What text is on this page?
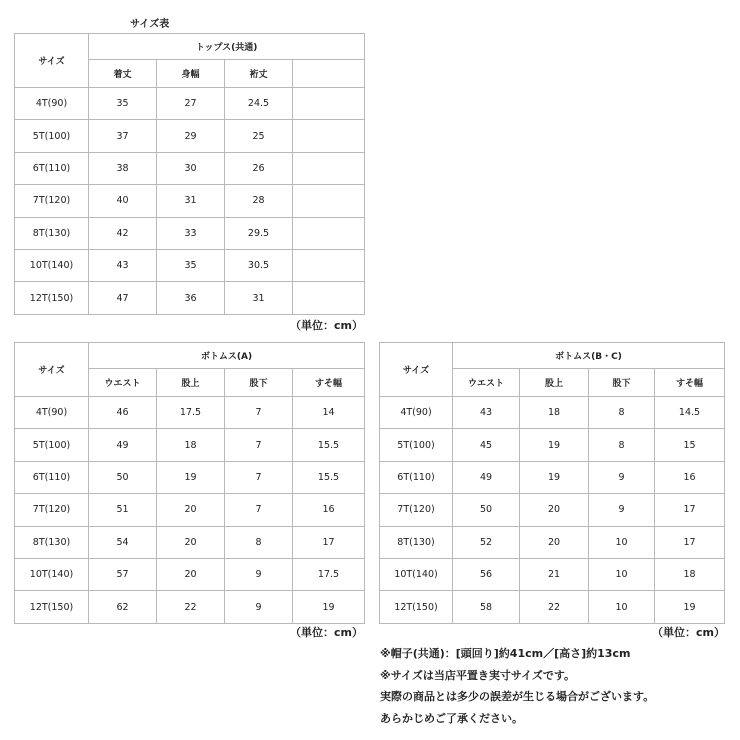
サイズ表
サイズ	トップス(共通)			
	着丈	身幅	裄丈	
4T(90)	35	27	24.5	
5T(100)	37	29	25	
6T(110)	38	30	26	
7T(120)	40	31	28	
8T(130)	42	33	29.5	
10T(140)	43	35	30.5	
12T(150)	47	36	31	
（単位：cm）
サイズ	ボトムス(A)			
	ウエスト	股上	股下	すそ幅
4T(90)	46	17.5	7	14
5T(100)	49	18	7	15.5
6T(110)	50	19	7	15.5
7T(120)	51	20	7	16
8T(130)	54	20	8	17
10T(140)	57	20	9	17.5
12T(150)	62	22	9	19
（単位：cm）
サイズ	ボトムス(B・C)			
	ウエスト	股上	股下	すそ幅
4T(90)	43	18	8	14.5
5T(100)	45	19	8	15
6T(110)	49	19	9	16
7T(120)	50	20	9	17
8T(130)	52	20	10	17
10T(140)	56	21	10	18
12T(150)	58	22	10	19
（単位：cm）
※帽子(共通)：[頭回り]約41cm／[高さ]約13cm
※サイズは当店平置き実寸サイズです。
実際の商品とは多少の誤差が生じる場合がございます。
あらかじめご了承ください。
